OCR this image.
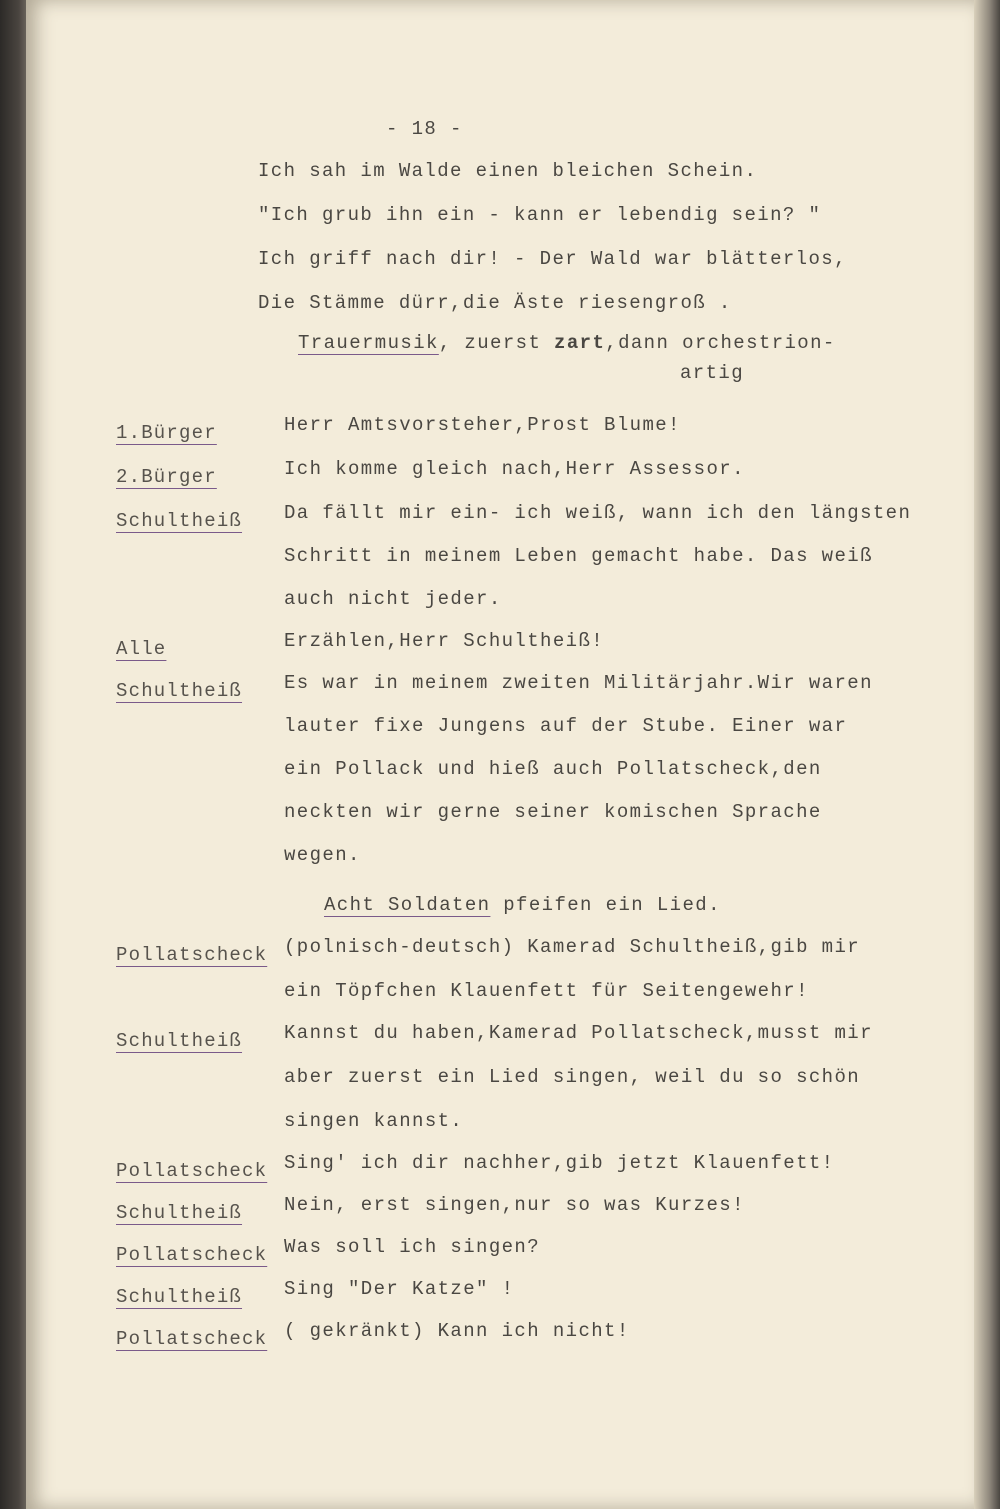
- 18 -
Ich sah im Walde einen bleichen Schein.
"Ich grub ihn ein - kann er lebendig sein? "
Ich griff nach dir! - Der Wald war blätterlos,
Die Stämme dürr,die Äste riesengroß .
Trauermusik, zuerst zart,dann orchestrion-
artig
1.Bürger	Herr Amtsvorsteher,Prost Blume!
2.Bürger	Ich komme gleich nach,Herr Assessor.
Schultheiß Da fällt mir ein- ich weiß, wann ich den längsten
Schritt in meinem Leben gemacht habe. Das weiß
auch nicht jeder.
Alle	Erzählen,Herr Schultheiß!
Schultheiß Es war in meinem zweiten Militärjahr.Wir waren
lauter fixe Jungens auf der Stube. Einer war
ein Pollack und hieß auch Pollatscheck,den
neckten wir gerne seiner komischen Sprache
wegen.
Acht Soldaten pfeifen ein Lied.
Pollatscheck (polnisch-deutsch) Kamerad Schultheiß,gib mir
ein Töpfchen Klauenfett für Seitengewehr!
Schultheiß Kannst du haben,Kamerad Pollatscheck,musst mir
aber zuerst ein Lied singen, weil du so schön
singen kannst.
Pollatscheck Sing' ich dir nachher,gib jetzt Klauenfett!
Schultheiß Nein, erst singen,nur so was Kurzes!
Pollatscheck Was soll ich singen?
Schultheiß Sing "Der Katze" !
Pollatscheck ( gekränkt) Kann ich nicht!
